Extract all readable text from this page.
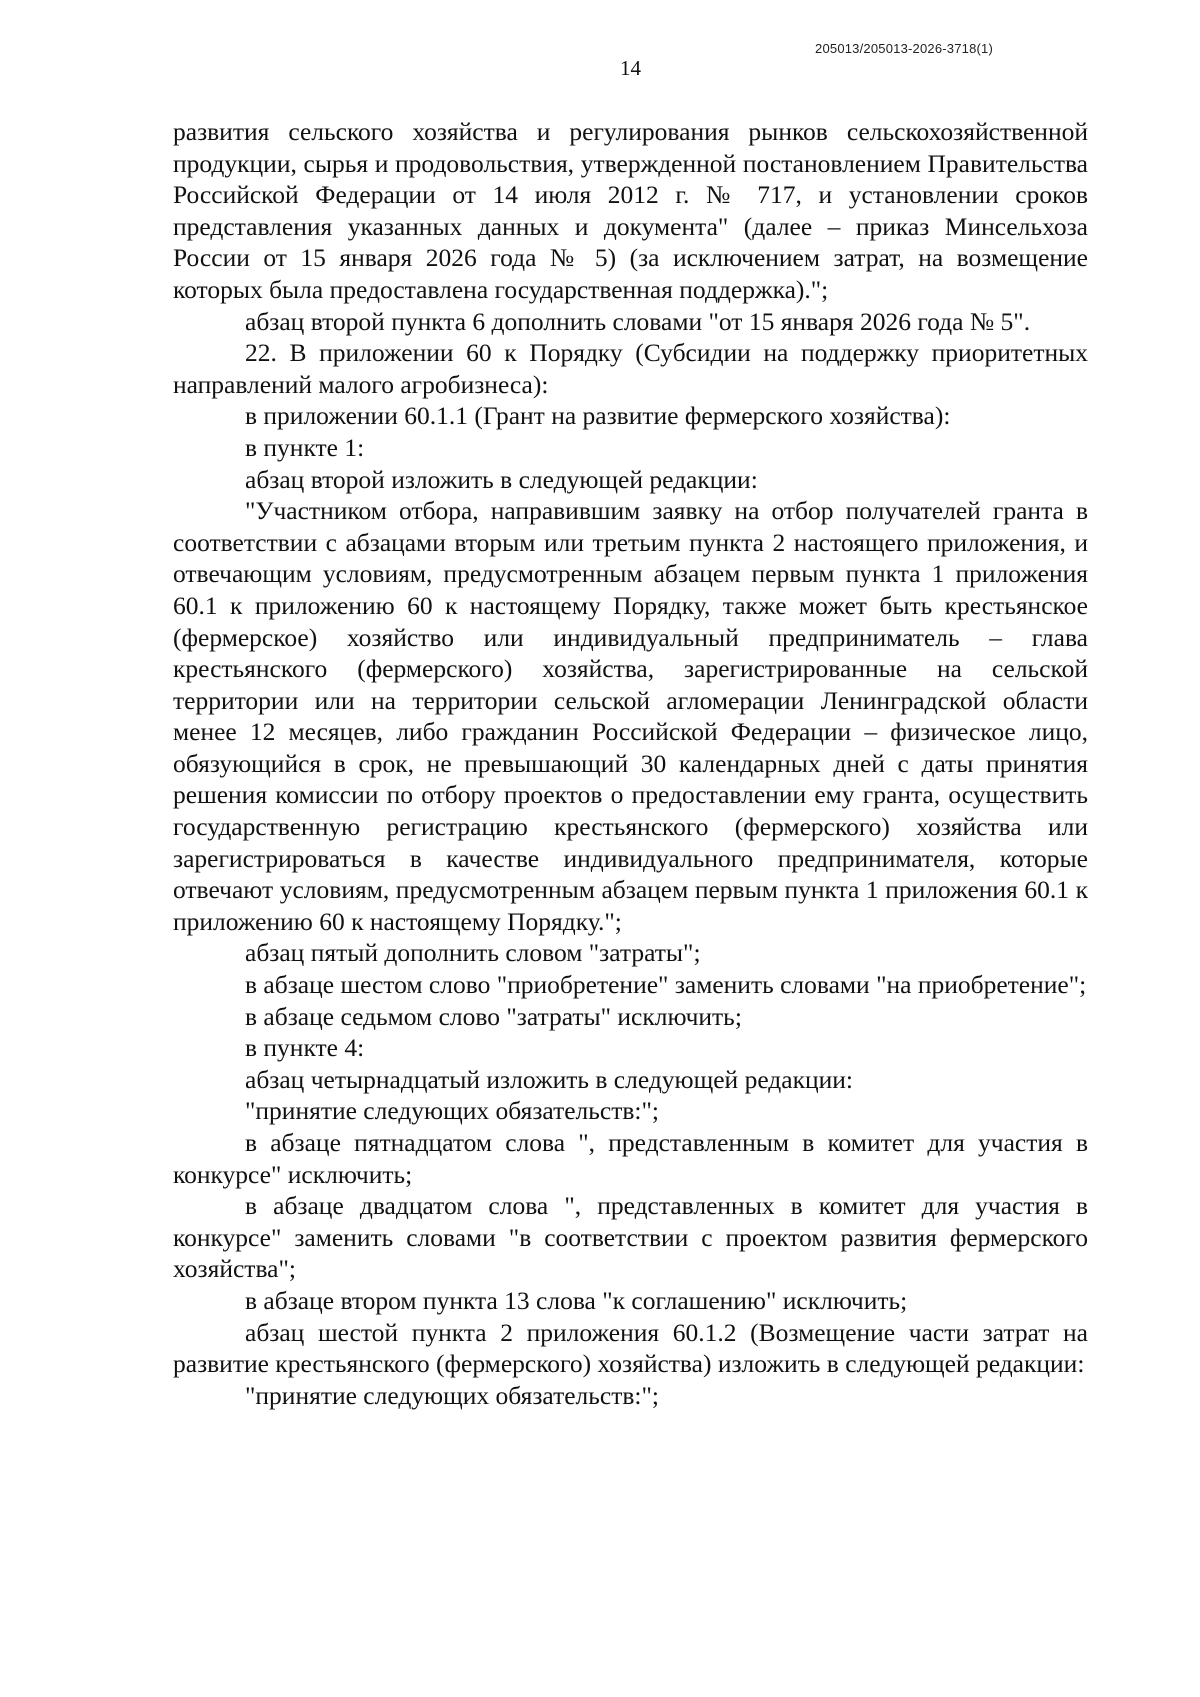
205013/205013-2026-3718(1)
14

развития сельского хозяйства и регулирования рынков сельскохозяйственной продукции, сырья и продовольствия, утвержденной постановлением Правительства Российской Федерации от 14 июля 2012 г. № 717, и установлении сроков представления указанных данных и документа" (далее – приказ Минсельхоза России от 15 января 2026 года № 5) (за исключением затрат, на возмещение которых была предоставлена государственная поддержка).";

абзац второй пункта 6 дополнить словами "от 15 января 2026 года № 5".

22. В приложении 60 к Порядку (Субсидии на поддержку приоритетных направлений малого агробизнеса):

в приложении 60.1.1 (Грант на развитие фермерского хозяйства):

в пункте 1:

абзац второй изложить в следующей редакции:

"Участником отбора, направившим заявку на отбор получателей гранта в соответствии с абзацами вторым или третьим пункта 2 настоящего приложения, и отвечающим условиям, предусмотренным абзацем первым пункта 1 приложения 60.1 к приложению 60 к настоящему Порядку, также может быть крестьянское (фермерское) хозяйство или индивидуальный предприниматель – глава крестьянского (фермерского) хозяйства, зарегистрированные на сельской территории или на территории сельской агломерации Ленинградской области менее 12 месяцев, либо гражданин Российской Федерации – физическое лицо, обязующийся в срок, не превышающий 30 календарных дней с даты принятия решения комиссии по отбору проектов о предоставлении ему гранта, осуществить государственную регистрацию крестьянского (фермерского) хозяйства или зарегистрироваться в качестве индивидуального предпринимателя, которые отвечают условиям, предусмотренным абзацем первым пункта 1 приложения 60.1 к приложению 60 к настоящему Порядку.";

абзац пятый дополнить словом "затраты";

в абзаце шестом слово "приобретение" заменить словами "на приобретение";

в абзаце седьмом слово "затраты" исключить;

в пункте 4:

абзац четырнадцатый изложить в следующей редакции:

"принятие следующих обязательств:";

в абзаце пятнадцатом слова ", представленным в комитет для участия в конкурсе" исключить;

в абзаце двадцатом слова ", представленных в комитет для участия в конкурсе" заменить словами "в соответствии с проектом развития фермерского хозяйства";

в абзаце втором пункта 13 слова "к соглашению" исключить;

абзац шестой пункта 2 приложения 60.1.2 (Возмещение части затрат на развитие крестьянского (фермерского) хозяйства) изложить в следующей редакции:

"принятие следующих обязательств:";
